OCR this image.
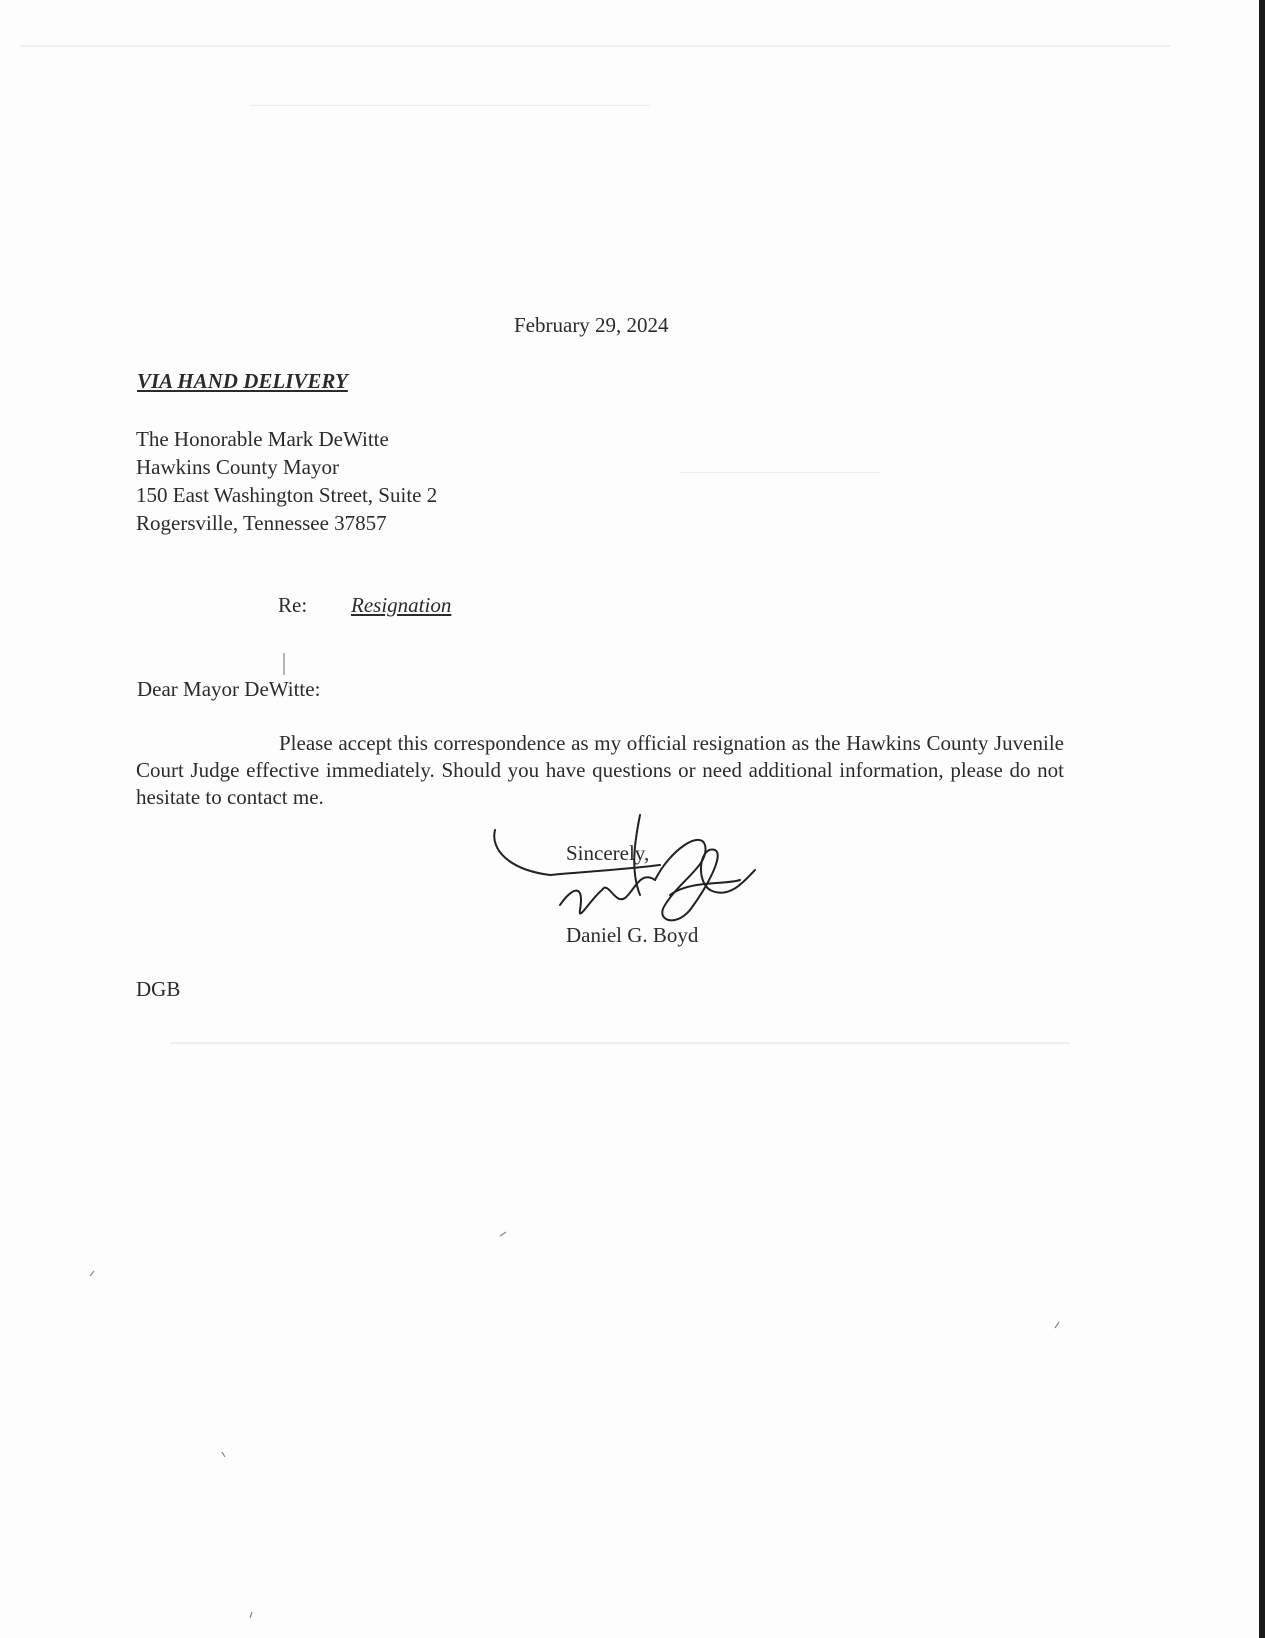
February 29, 2024
VIA HAND DELIVERY
The Honorable Mark DeWitte
Hawkins County Mayor
150 East Washington Street, Suite 2
Rogersville, Tennessee 37857
Re: Resignation
Dear Mayor DeWitte:
Please accept this correspondence as my official resignation as the Hawkins County Juvenile Court Judge effective immediately. Should you have questions or need additional information, please do not hesitate to contact me.
Sincerely,
Daniel G. Boyd
DGB
